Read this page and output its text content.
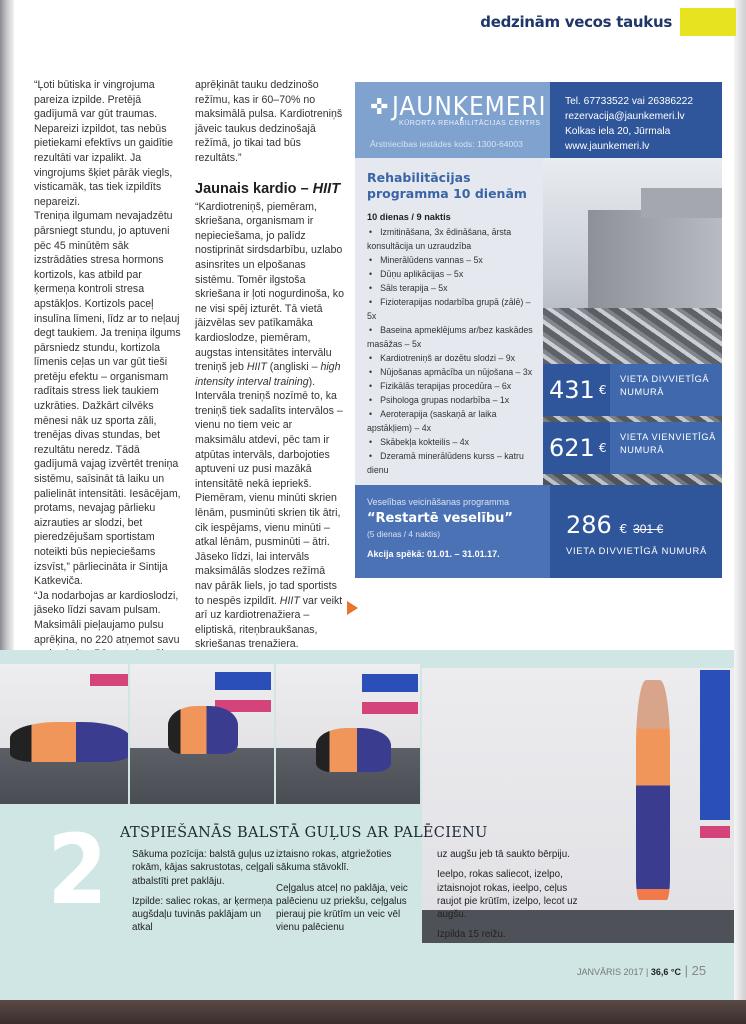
dedzinām vecos taukus

“Ļoti būtiska ir vingrojuma pareiza izpilde. Pretējā gadījumā var gūt traumas. Nepareizi izpildot, tas nebūs pietiekami efektīvs un gaidītie rezultāti var izpalikt. Ja vingrojums šķiet pārāk viegls, visticamāk, tas tiek izpildīts nepareizi.

Treniņa ilgumam nevajadzētu pārsniegt stundu, jo aptuveni pēc 45 minūtēm sāk izstrādāties stresa hormons kortizols, kas atbild par ķermeņa kontroli stresa apstākļos. Kortizols paceļ insulīna līmeni, līdz ar to neļauj degt taukiem. Ja treniņa ilgums pārsniedz stundu, kortizola līmenis ceļas un var gūt tieši pretēju efektu – organismam radītais stress liek taukiem uzkrāties. Dažkārt cilvēks mēnesi nāk uz sporta zāli, trenējas divas stundas, bet rezultātu neredz. Tādā gadījumā vajag izvērtēt treniņa sistēmu, saīsināt tā laiku un palielināt intensitāti. Iesācējam, protams, nevajag pārlieku aizrauties ar slodzi, bet pieredzējušam sportistam noteikti būs nepieciešams izsvīst,” pārliecināta ir Sintija Katkeviča.

“Ja nodarbojas ar kardioslodzi, jāseko līdzi savam pulsam. Maksimāli pieļaujamo pulsu aprēķina, no 220 atņemot savu

aprēķināt tauku dedzinošo režīmu, kas ir 60–70% no maksimālā pulsa. Kardiotreniņš jāveic taukus dedzinošajā režīmā, jo tikai tad būs rezultāts.”

Jaunais kardio – HIIT

“Kardiotreniņš, piemēram, skriešana, organismam ir nepieciešama, jo palīdz nostiprināt sirdsdarbību, uzlabo asinsrites un elpošanas sistēmu. Tomēr ilgstoša skriešana ir ļoti nogurdinoša, ko ne visi spēj izturēt. Tā vietā jāizvēlas sev patīkamāka kardioslodze, piemēram, augstas intensitātes intervālu treniņš jeb HIIT (angliski – high intensity interval training). Intervāla treniņš nozīmē to, ka treniņš tiek sadalīts intervālos – vienu no tiem veic ar maksimālu atdevi, pēc tam ir atpūtas intervāls, darbojoties aptuveni uz pusi mazākā intensitātē nekā iepriekš. Piemēram, vienu minūti skrien lēnām, pusminūti skrien tik ātri, cik iespējams, vienu minūti – atkal lēnām, pusminūti – ātri. Jāseko līdzi, lai intervāls maksimālās slodzes režīmā nav pārāk liels, jo tad sportists to nespēs izpildīt. HIIT var veikt arī uz kardiotrenažiera – eliptiskā, riteņbraukšanas, skriešanas trenažiera.

✜ JAUNĶEMERI
KŪRORTA REHABILITĀCIJAS CENTRS
Ārstniecības iestādes kods: 1300-64003
Tel. 67733522 vai 26386222
rezervacija@jaunkemeri.lv
Kolkas iela 20, Jūrmala
www.jaunkemeri.lv
Rehabilitācijas programma 10 dienām
10 dienas / 9 naktis
• Izmitināšana, 3x ēdināšana, ārsta konsultācija un uzraudzība
• Minerālūdens vannas – 5x
• Dūņu aplikācijas – 5x
• Sāls terapija – 5x
• Fizioterapijas nodarbība grupā (zālē) – 5x
• Baseina apmeklējums ar/bez kaskādes masāžas – 5x
• Kardiotreniņš ar dozētu slodzi – 9x
• Nūjošanas apmācība un nūjošana – 3x
• Fizikālās terapijas procedūra – 6x
• Psihologa grupas nodarbība – 1x
• Aeroterapija (saskaņā ar laika apstākļiem) – 4x
• Skābekļa kokteilis – 4x
• Dzeramā minerālūdens kurss – katru dienu
431 €
VIETA DIVVIETĪGĀ NUMURĀ
621 €
VIETA VIENVIETĪGĀ NUMURĀ
Veselības veicināšanas programma
“Restartē veselību”
(5 dienas / 4 naktis)
Akcija spēkā: 01.01. – 31.01.17.
286 € 301 €
VIETA DIVVIETĪGĀ NUMURĀ
2 ATSPIEŠANĀS BALSTĀ GUĻUS AR PALĒCIENU

Sākuma pozīcija: balstā guļus uz rokām, kājas sakrustotas, ceļgali atbalstīti pret paklāju.

Izpilde: saliec rokas, ar ķermeņa augšdaļu tuvinās paklājam un atkal

iztaisno rokas, atgriežoties sākuma stāvoklī.

Ceļgalus atceļ no paklāja, veic palēcienu uz priekšu, ceļgalus pierauj pie krūtīm un veic vēl vienu palēcienu

uz augšu jeb tā saukto bērpiju.

Ieelpo, rokas saliecot, izelpo, iztaisnojot rokas, ieelpo, ceļus raujot pie krūtīm, izelpo, lecot uz augšu.

Izpilda 15 reižu.

JANVĀRIS 2017 | 36,6 °C | 25
